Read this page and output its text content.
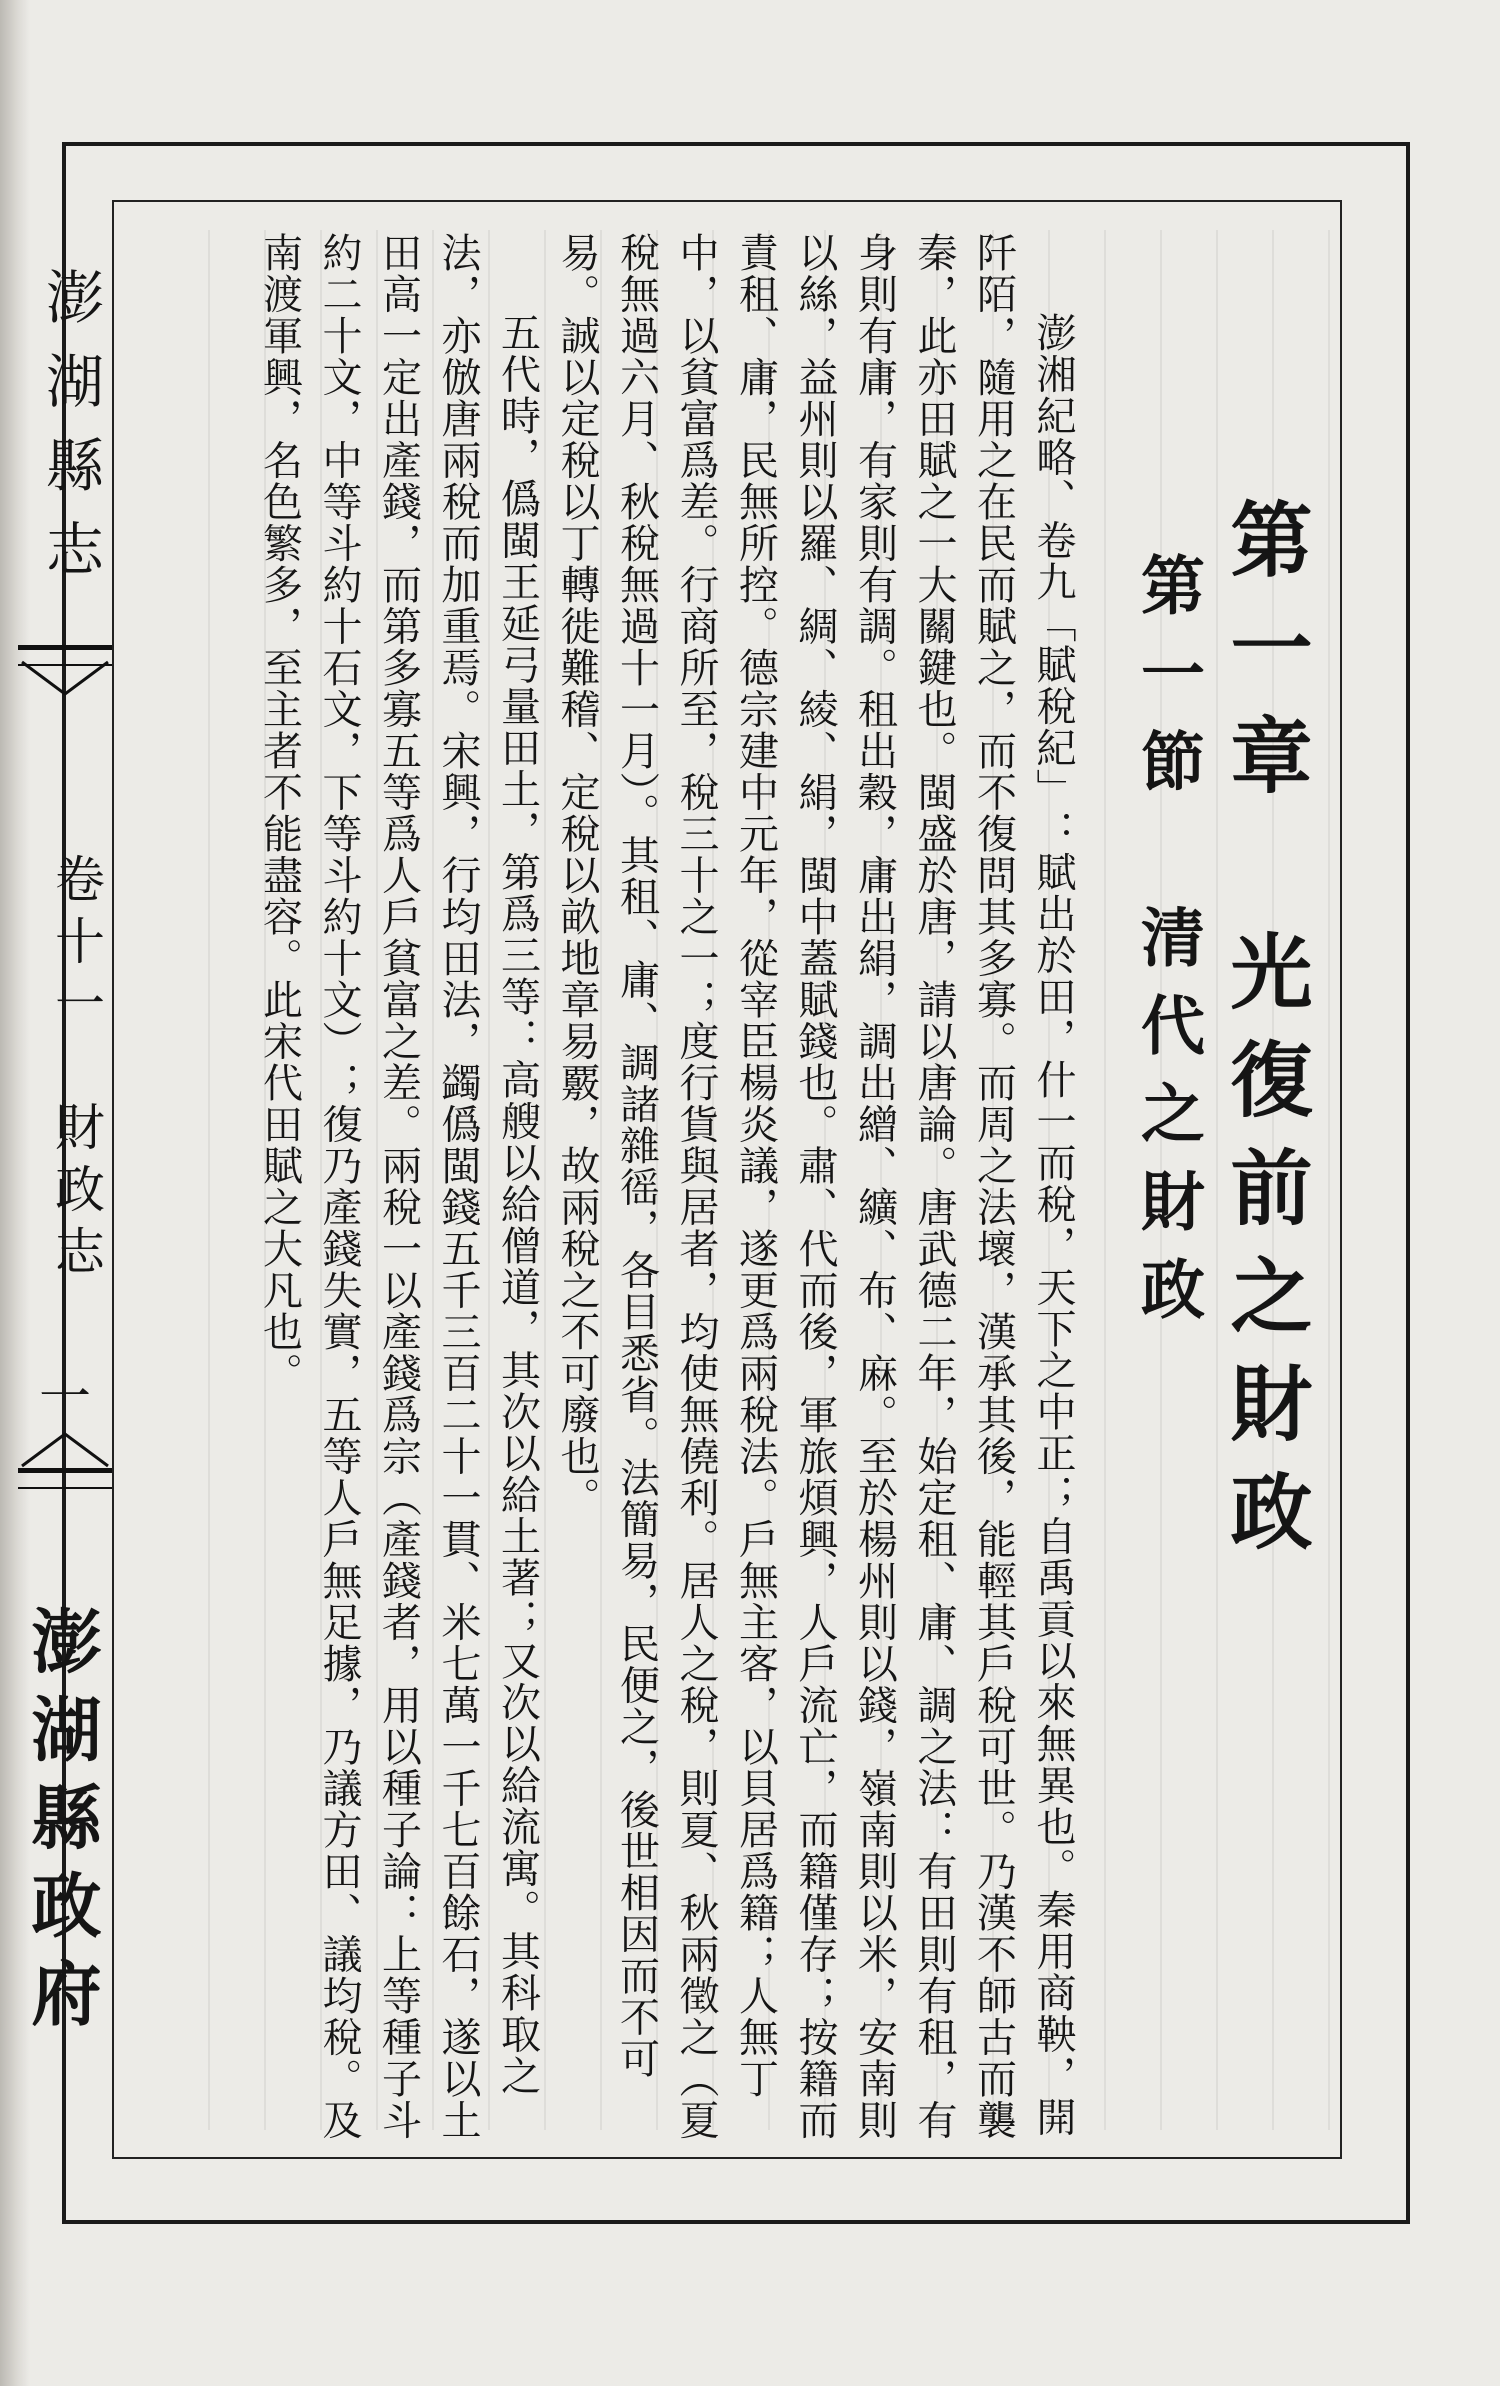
澎湖縣志
卷十一　財政志
一
澎湖縣政府
第一章　光復前之財政
第一節　清代之財政

澎湘紀略、卷九「賦稅紀」：賦出於田，什一而稅，天下之中正；自禹貢以來無異也。秦用商鞅，開阡陌，隨用之在民而賦之，而不復問其多寡。而周之法壞，漢承其後，能輕其戶稅可世。乃漢不師古而襲秦，此亦田賦之一大關鍵也。閩盛於唐，請以唐論。唐武德二年，始定租、庸、調之法：有田則有租，有身則有庸，有家則有調。租出穀，庸出絹，調出繒、纊、布、麻。至於楊州則以錢，嶺南則以米，安南則以絲，益州則以羅、綢、綾、絹，閩中蓋賦錢也。肅、代而後，軍旅煩興，人戶流亡，而籍僅存；按籍而責租、庸，民無所控。德宗建中元年，從宰臣楊炎議，遂更爲兩稅法。戶無主客，以貝居爲籍；人無丁中，以貧富爲差。行商所至，稅三十之一；度行貨與居者，均使無僥利。居人之稅，則夏、秋兩徵之（夏稅無過六月、秋稅無過十一月）。其租、庸、調諸雜徭，各目悉省。法簡易，民便之，後世相因而不可易。誠以定稅以丁轉徙難稽、定稅以畝地章易覈，故兩稅之不可廢也。

五代時，僞閩王延弓量田土，第爲三等：高艘以給僧道，其次以給土著；又次以給流寓。其科取之法，亦倣唐兩稅而加重焉。宋興，行均田法，蠲僞閩錢五千三百二十一貫、米七萬一千七百餘石，遂以土田高一定出產錢，而第多寡五等爲人戶貧富之差。兩稅一以產錢爲宗（產錢者，用以種子論：上等種子斗約二十文，中等斗約十石文，下等斗約十文）；復乃產錢失實，五等人戶無足據，乃議方田、議均稅。及南渡軍興，名色繁多，至主者不能盡容。此宋代田賦之大凡也。
